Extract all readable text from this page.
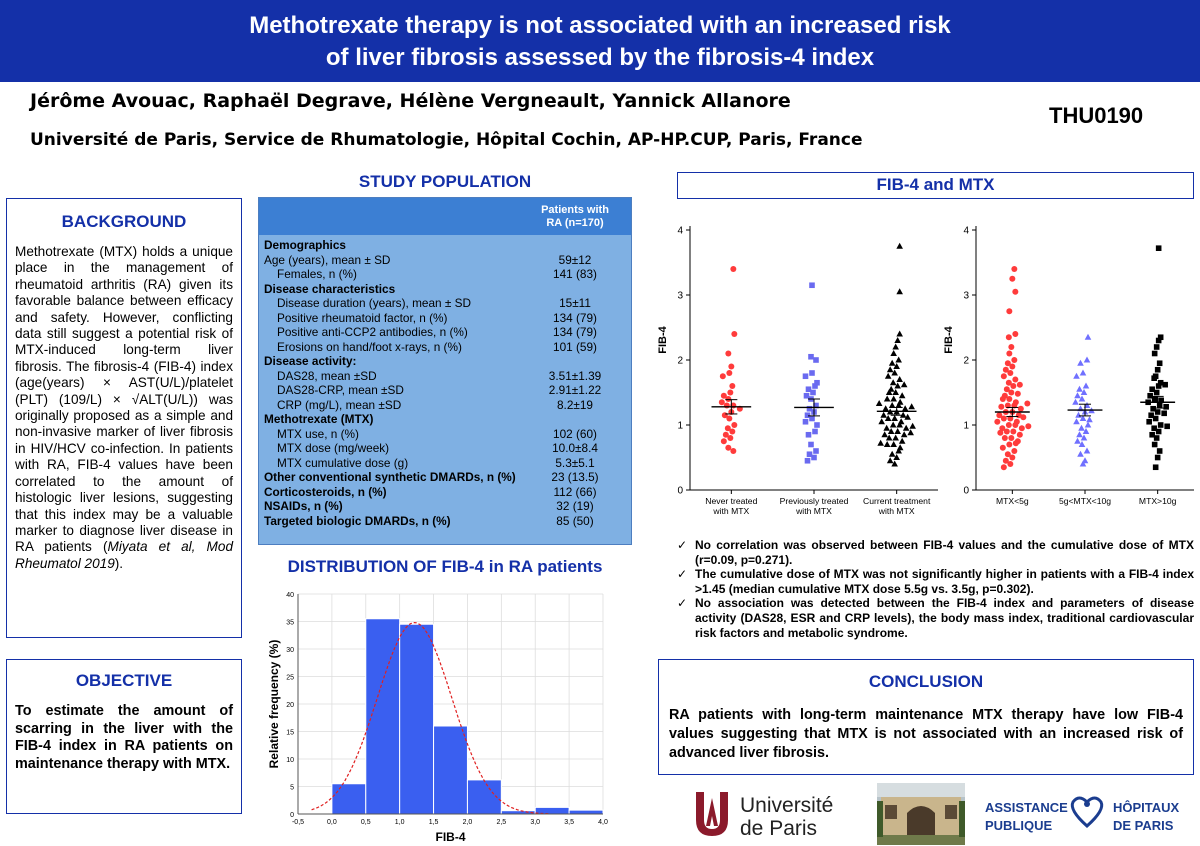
Methotrexate therapy is not associated with an increased risk
of liver fibrosis assessed by the fibrosis-4 index
Jérôme Avouac, Raphaël Degrave, Hélène Vergneault, Yannick Allanore
Université de Paris, Service de Rhumatologie, Hôpital Cochin, AP-HP.CUP, Paris, France
THU0190
BACKGROUND
Methotrexate (MTX) holds a unique place in the management of rheumatoid arthritis (RA) given its favorable balance between efficacy and safety. However, conflicting data still suggest a potential risk of MTX-induced long-term liver fibrosis. The fibrosis-4 (FIB-4) index (age(years) × AST(U/L)/platelet (PLT) (109/L) × √ALT(U/L)) was originally proposed as a simple and non-invasive marker of liver fibrosis in HIV/HCV co-infection. In patients with RA, FIB-4 values have been correlated to the amount of histologic liver lesions, suggesting that this index may be a valuable marker to diagnose liver disease in RA patients (Miyata et al, Mod Rheumatol 2019).
OBJECTIVE
To estimate the amount of scarring in the liver with the FIB-4 index in RA patients on maintenance therapy with MTX.
STUDY POPULATION
Patients with
RA (n=170)
Demographics
Age (years), mean ± SD	59±12
Females, n (%)	141 (83)
Disease characteristics
Disease duration (years), mean ± SD	15±11
Positive rheumatoid factor, n (%)	134 (79)
Positive anti-CCP2 antibodies, n (%)	134 (79)
Erosions on hand/foot x-rays, n (%)	101 (59)
Disease activity:
DAS28, mean ±SD	3.51±1.39
DAS28-CRP, mean ±SD	2.91±1.22
CRP (mg/L), mean ±SD	8.2±19
Methotrexate (MTX)
MTX use, n (%)	102 (60)
MTX dose (mg/week)	10.0±8.4
MTX cumulative dose (g)	5.3±5.1
Other conventional synthetic DMARDs, n (%)	23 (13.5)
Corticosteroids, n (%)	112 (66)
NSAIDs, n (%)	32 (19)
Targeted biologic DMARDs, n (%)	85 (50)
DISTRIBUTION OF FIB-4 in RA patients
0
5
10
15
20
25
30
35
40
-0,5	0,0	0,5	1,0	1,5	2,0	2,5	3,0	3,5	4,0
FIB-4
Relative frequency (%)
FIB-4 and MTX
0
1
2
3
4
FIB-4
Never treated
with MTX
Previously treated
with MTX
Current treatment
with MTX
0
1
2
3
4
FIB-4
MTX<5g	5g<MTX<10g	MTX>10g
✓ No correlation was observed between FIB-4 values and the cumulative dose of MTX (r=0.09, p=0.271).
✓ The cumulative dose of MTX was not significantly higher in patients with a FIB-4 index >1.45 (median cumulative MTX dose 5.5g vs. 3.5g, p=0.302).
✓ No association was detected between the FIB-4 index and parameters of disease activity (DAS28, ESR and CRP levels), the body mass index, traditional cardiovascular risk factors and metabolic syndrome.
CONCLUSION
RA patients with long-term maintenance MTX therapy have low FIB-4 values suggesting that MTX is not associated with an increased risk of advanced liver fibrosis.
Université
de Paris
ASSISTANCE
PUBLIQUE
HÔPITAUX
DE PARIS
